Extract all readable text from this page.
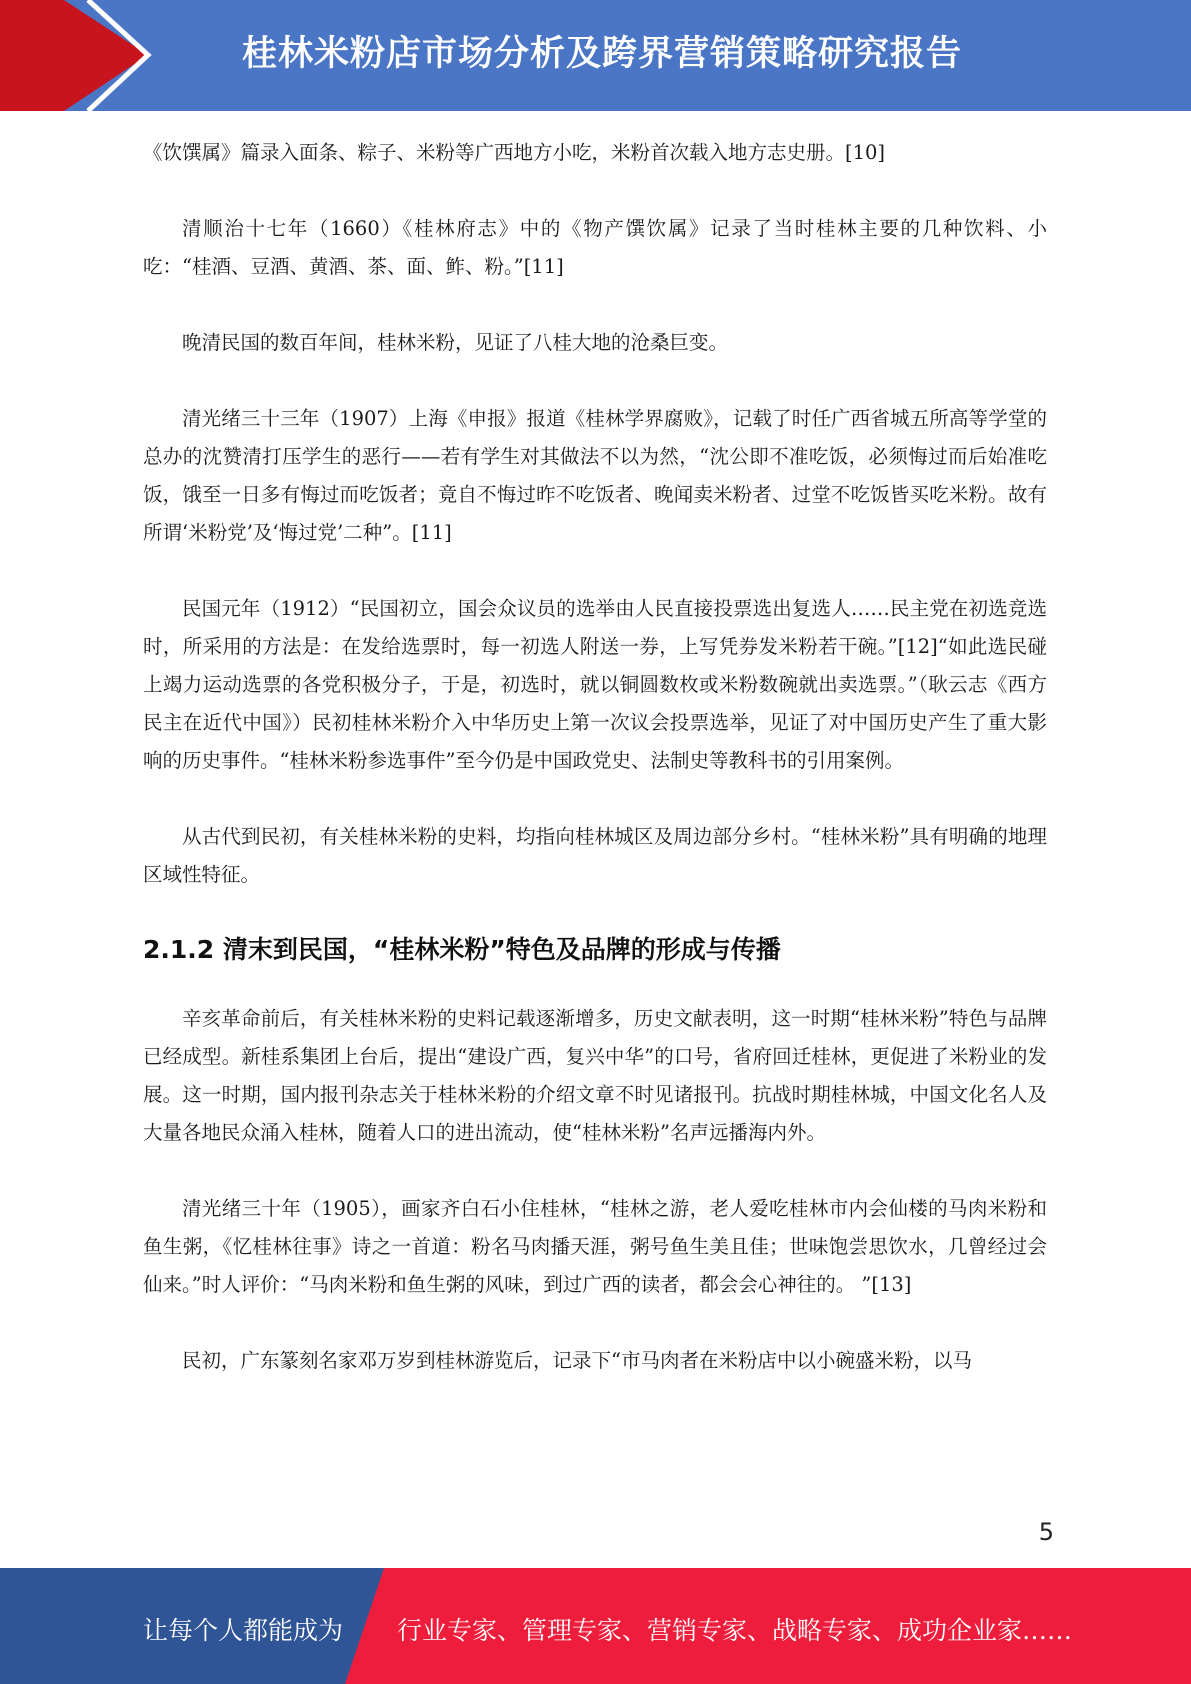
桂林米粉店市场分析及跨界营销策略研究报告

《饮馔属》篇录入面条、粽子、米粉等广西地方小吃，米粉首次载入地方志史册。[10]

清顺治十七年（1660）《桂林府志》中的《物产馔饮属》记录了当时桂林主要的几种饮料、小吃：“桂酒、豆酒、黄酒、茶、面、鲊、粉。”[11]

晚清民国的数百年间，桂林米粉，见证了八桂大地的沧桑巨变。

清光绪三十三年（1907）上海《申报》报道《桂林学界腐败》，记载了时任广西省城五所高等学堂的总办的沈赞清打压学生的恶行——若有学生对其做法不以为然，“沈公即不准吃饭，必须悔过而后始准吃饭，饿至一日多有悔过而吃饭者；竟自不悔过昨不吃饭者、晚闻卖米粉者、过堂不吃饭皆买吃米粉。故有所谓‘米粉党’及‘悔过党’二种”。[11]

民国元年（1912）“民国初立，国会众议员的选举由人民直接投票选出复选人……民主党在初选竞选时，所采用的方法是：在发给选票时，每一初选人附送一券，上写凭券发米粉若干碗。”[12]“如此选民碰上竭力运动选票的各党积极分子，于是，初选时，就以铜圆数枚或米粉数碗就出卖选票。”（耿云志《西方民主在近代中国》）民初桂林米粉介入中华历史上第一次议会投票选举，见证了对中国历史产生了重大影响的历史事件。“桂林米粉参选事件”至今仍是中国政党史、法制史等教科书的引用案例。

从古代到民初，有关桂林米粉的史料，均指向桂林城区及周边部分乡村。“桂林米粉”具有明确的地理区域性特征。

2.1.2 清末到民国，“桂林米粉”特色及品牌的形成与传播

辛亥革命前后，有关桂林米粉的史料记载逐渐增多，历史文献表明，这一时期“桂林米粉”特色与品牌已经成型。新桂系集团上台后，提出“建设广西，复兴中华”的口号，省府回迁桂林，更促进了米粉业的发展。这一时期，国内报刊杂志关于桂林米粉的介绍文章不时见诸报刊。抗战时期桂林城，中国文化名人及大量各地民众涌入桂林，随着人口的进出流动，使“桂林米粉”名声远播海内外。

清光绪三十年（1905），画家齐白石小住桂林，“桂林之游，老人爱吃桂林市内会仙楼的马肉米粉和鱼生粥，《忆桂林往事》诗之一首道：粉名马肉播天涯，粥号鱼生美且佳；世味饱尝思饮水，几曾经过会仙来。”时人评价：“马肉米粉和鱼生粥的风味，到过广西的读者，都会会心神往的。 ”[13]

民初，广东篆刻名家邓万岁到桂林游览后，记录下“市马肉者在米粉店中以小碗盛米粉，以马

5
让每个人都能成为 行业专家、管理专家、营销专家、战略专家、成功企业家……
